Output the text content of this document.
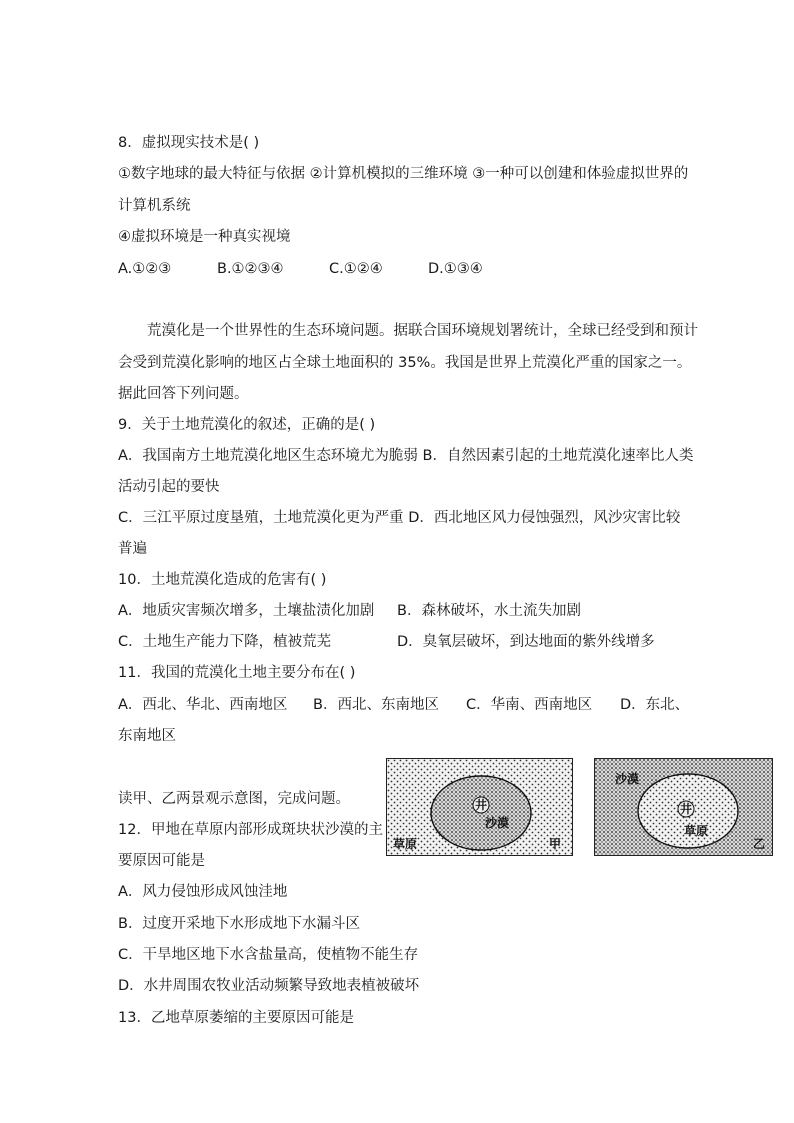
8．虚拟现实技术是( )
①数字地球的最大特征与依据 ②计算机模拟的三维环境 ③一种可以创建和体验虚拟世界的
计算机系统
④虚拟环境是一种真实视境
A.①②③	B.①②③④	C.①②④	D.①③④
荒漠化是一个世界性的生态环境问题。据联合国环境规划署统计，全球已经受到和预计
会受到荒漠化影响的地区占全球土地面积的 35%。我国是世界上荒漠化严重的国家之一。
据此回答下列问题。
9．关于土地荒漠化的叙述，正确的是( )
A．我国南方土地荒漠化地区生态环境尤为脆弱 B．自然因素引起的土地荒漠化速率比人类
活动引起的要快
C．三江平原过度垦殖，土地荒漠化更为严重 D．西北地区风力侵蚀强烈，风沙灾害比较
普遍
10．土地荒漠化造成的危害有( )
A．地质灾害频次增多，土壤盐渍化加剧 B．森林破坏，水土流失加剧
C．土地生产能力下降，植被荒芜	D．臭氧层破坏，到达地面的紫外线增多
11．我国的荒漠化土地主要分布在( )
A．西北、华北、西南地区 B．西北、东南地区 C．华南、西南地区 D．东北、
东南地区
读甲、乙两景观示意图，完成问题。
12．甲地在草原内部形成斑块状沙漠的主
要原因可能是
A．风力侵蚀形成风蚀洼地
B．过度开采地下水形成地下水漏斗区
C．干旱地区地下水含盐量高，使植物不能生存
D．水井周围农牧业活动频繁导致地表植被破坏
13．乙地草原萎缩的主要原因可能是
井
沙漠
草原	甲
井
草原
沙漠
乙
